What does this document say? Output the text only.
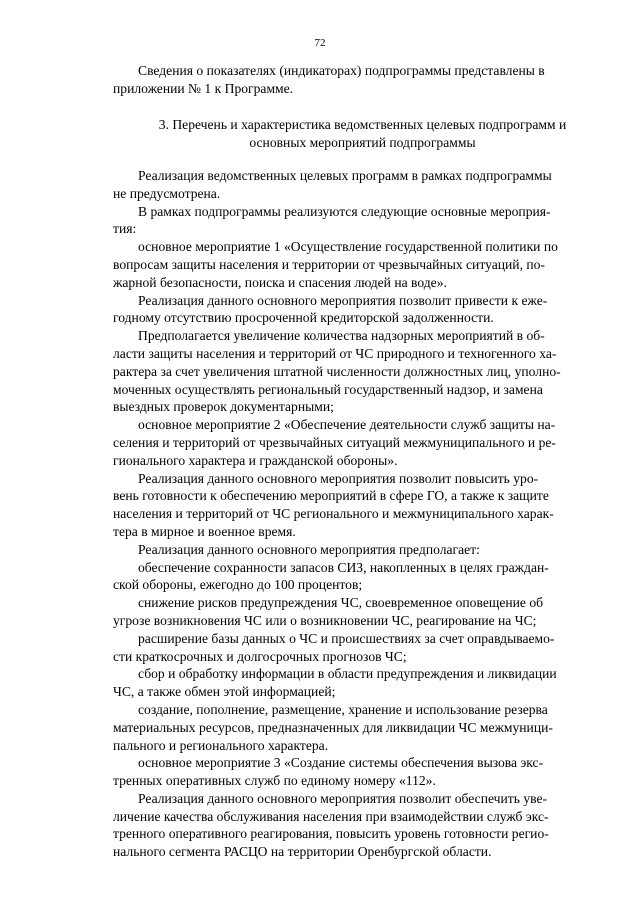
72
Сведения о показателях (индикаторах) подпрограммы представлены в
приложении № 1 к Программе.
3. Перечень и характеристика ведомственных целевых подпрограмм и
основных мероприятий подпрограммы
Реализация ведомственных целевых программ в рамках подпрограммы
не предусмотрена.
В рамках подпрограммы реализуются следующие основные мероприя-
тия:
основное мероприятие 1 «Осуществление государственной политики по
вопросам защиты населения и территории от чрезвычайных ситуаций, по-
жарной безопасности, поиска и спасения людей на воде».
Реализация данного основного мероприятия позволит привести к еже-
годному отсутствию просроченной кредиторской задолженности.
Предполагается увеличение количества надзорных мероприятий в об-
ласти защиты населения и территорий от ЧС природного и техногенного ха-
рактера за счет увеличения штатной численности должностных лиц, уполно-
моченных осуществлять региональный государственный надзор, и замена
выездных проверок документарными;
основное мероприятие 2 «Обеспечение деятельности служб защиты на-
селения и территорий от чрезвычайных ситуаций межмуниципального и ре-
гионального характера и гражданской обороны».
Реализация данного основного мероприятия позволит повысить уро-
вень готовности к обеспечению мероприятий в сфере ГО, а также к защите
населения и территорий от ЧС регионального и межмуниципального харак-
тера в мирное и военное время.
Реализация данного основного мероприятия предполагает:
обеспечение сохранности запасов СИЗ, накопленных в целях граждан-
ской обороны, ежегодно до 100 процентов;
снижение рисков предупреждения ЧС, своевременное оповещение об
угрозе возникновения ЧС или о возникновении ЧС, реагирование на ЧС;
расширение базы данных о ЧС и происшествиях за счет оправдываемо-
сти краткосрочных и долгосрочных прогнозов ЧС;
сбор и обработку информации в области предупреждения и ликвидации
ЧС, а также обмен этой информацией;
создание, пополнение, размещение, хранение и использование резерва
материальных ресурсов, предназначенных для ликвидации ЧС межмуници-
пального и регионального характера.
основное мероприятие 3 «Создание системы обеспечения вызова экс-
тренных оперативных служб по единому номеру «112».
Реализация данного основного мероприятия позволит обеспечить уве-
личение качества обслуживания населения при взаимодействии служб экс-
тренного оперативного реагирования, повысить уровень готовности регио-
нального сегмента РАСЦО на территории Оренбургской области.
